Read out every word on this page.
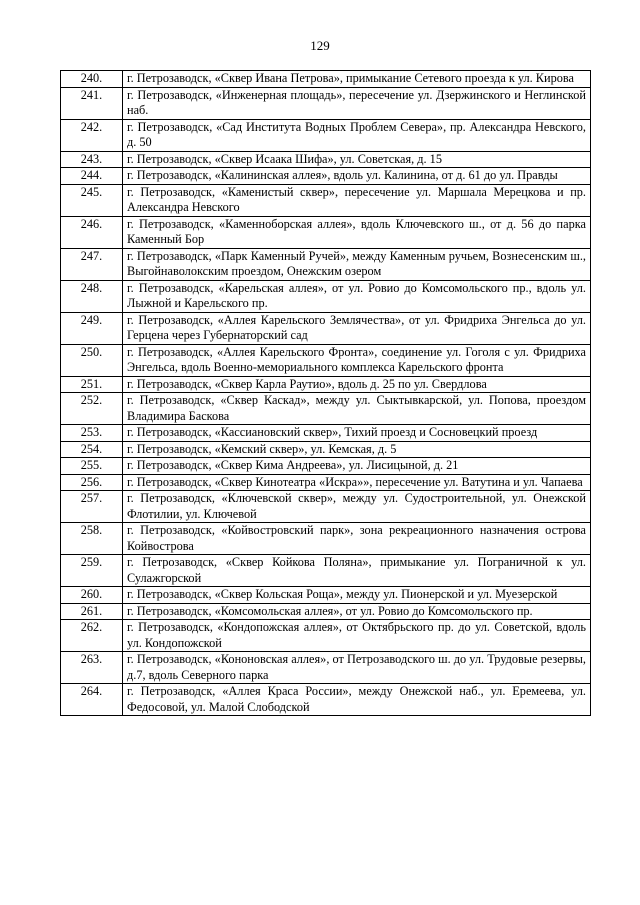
129
240.	г. Петрозаводск, «Сквер Ивана Петрова», примыкание Сетевого проезда к ул. Кирова
241.	г. Петрозаводск, «Инженерная площадь», пересечение ул. Дзержинского и Неглинской наб.
242.	г. Петрозаводск, «Сад Института Водных Проблем Севера», пр. Александра Невского, д. 50
243.	г. Петрозаводск, «Сквер Исаака Шифа», ул. Советская, д. 15
244.	г. Петрозаводск, «Калининская аллея», вдоль ул. Калинина, от д. 61 до ул. Правды
245.	г. Петрозаводск, «Каменистый сквер», пересечение ул. Маршала Мерецкова и пр. Александра Невского
246.	г. Петрозаводск, «Каменноборская аллея», вдоль Ключевского ш., от д. 56 до парка Каменный Бор
247.	г. Петрозаводск, «Парк Каменный Ручей», между Каменным ручьем, Вознесенским ш., Выгойнаволокским проездом, Онежским озером
248.	г. Петрозаводск, «Карельская аллея», от ул. Ровио до Комсомольского пр., вдоль ул. Лыжной и Карельского пр.
249.	г. Петрозаводск, «Аллея Карельского Землячества», от ул. Фридриха Энгельса до ул. Герцена через Губернаторский сад
250.	г. Петрозаводск, «Аллея Карельского Фронта», соединение ул. Гоголя с ул. Фридриха Энгельса, вдоль Военно-мемориального комплекса Карельского фронта
251.	г. Петрозаводск, «Сквер Карла Раутио», вдоль д. 25 по ул. Свердлова
252.	г. Петрозаводск, «Сквер Каскад», между ул. Сыктывкарской, ул. Попова, проездом Владимира Баскова
253.	г. Петрозаводск, «Кассиановский сквер», Тихий проезд и Сосновецкий проезд
254.	г. Петрозаводск, «Кемский сквер», ул. Кемская, д. 5
255.	г. Петрозаводск, «Сквер Кима Андреева», ул. Лисицыной, д. 21
256.	г. Петрозаводск, «Сквер Кинотеатра «Искра»», пересечение ул. Ватутина и ул. Чапаева
257.	г. Петрозаводск, «Ключевской сквер», между ул. Судостроительной, ул. Онежской Флотилии, ул. Ключевой
258.	г. Петрозаводск, «Койвостровский парк», зона рекреационного назначения острова Койвострова
259.	г. Петрозаводск, «Сквер Койкова Поляна», примыкание ул. Пограничной к ул. Сулажгорской
260.	г. Петрозаводск, «Сквер Кольская Роща», между ул. Пионерской и ул. Муезерской
261.	г. Петрозаводск, «Комсомольская аллея», от ул. Ровио до Комсомольского пр.
262.	г. Петрозаводск, «Кондопожская аллея», от Октябрьского пр. до ул. Советской, вдоль ул. Кондопожской
263.	г. Петрозаводск, «Кононовская аллея», от Петрозаводского ш. до ул. Трудовые резервы, д.7, вдоль Северного парка
264.	г. Петрозаводск, «Аллея Краса России», между Онежской наб., ул. Еремеева, ул. Федосовой, ул. Малой Слободской
